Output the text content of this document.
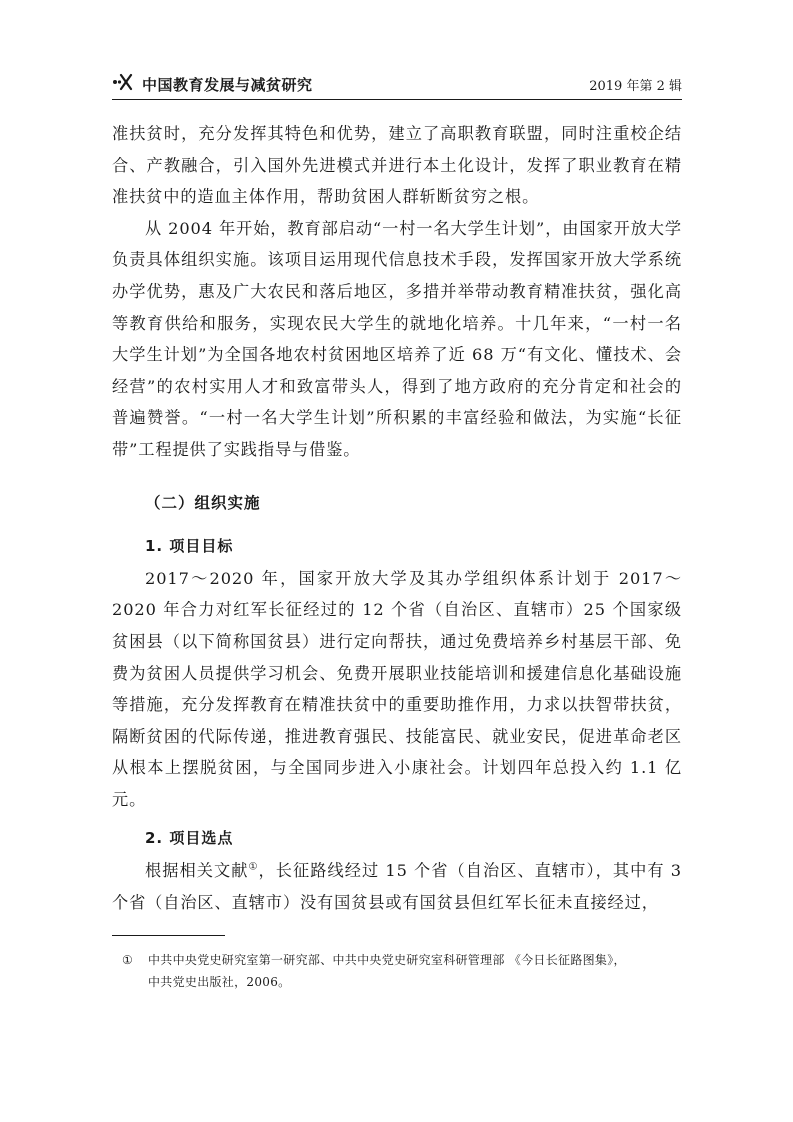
中国教育发展与减贫研究	2019 年第 2 辑

准扶贫时，充分发挥其特色和优势，建立了高职教育联盟，同时注重校企结合、产教融合，引入国外先进模式并进行本土化设计，发挥了职业教育在精准扶贫中的造血主体作用，帮助贫困人群斩断贫穷之根。

从 2004 年开始，教育部启动“一村一名大学生计划”，由国家开放大学负责具体组织实施。该项目运用现代信息技术手段，发挥国家开放大学系统办学优势，惠及广大农民和落后地区，多措并举带动教育精准扶贫，强化高等教育供给和服务，实现农民大学生的就地化培养。十几年来，“一村一名大学生计划”为全国各地农村贫困地区培养了近 68 万“有文化、懂技术、会经营”的农村实用人才和致富带头人，得到了地方政府的充分肯定和社会的普遍赞誉。“一村一名大学生计划”所积累的丰富经验和做法，为实施“长征带”工程提供了实践指导与借鉴。

（二）组织实施
1. 项目目标

2017～2020 年，国家开放大学及其办学组织体系计划于 2017～2020 年合力对红军长征经过的 12 个省（自治区、直辖市）25 个国家级贫困县（以下简称国贫县）进行定向帮扶，通过免费培养乡村基层干部、免费为贫困人员提供学习机会、免费开展职业技能培训和援建信息化基础设施等措施，充分发挥教育在精准扶贫中的重要助推作用，力求以扶智带扶贫，隔断贫困的代际传递，推进教育强民、技能富民、就业安民，促进革命老区从根本上摆脱贫困，与全国同步进入小康社会。计划四年总投入约 1.1 亿元。

2. 项目选点

根据相关文献①，长征路线经过 15 个省（自治区、直辖市），其中有 3 个省（自治区、直辖市）没有国贫县或有国贫县但红军长征未直接经过，

① 中共中央党史研究室第一研究部、中共中央党史研究室科研管理部 《今日长征路图集》，
中共党史出版社，2006。
